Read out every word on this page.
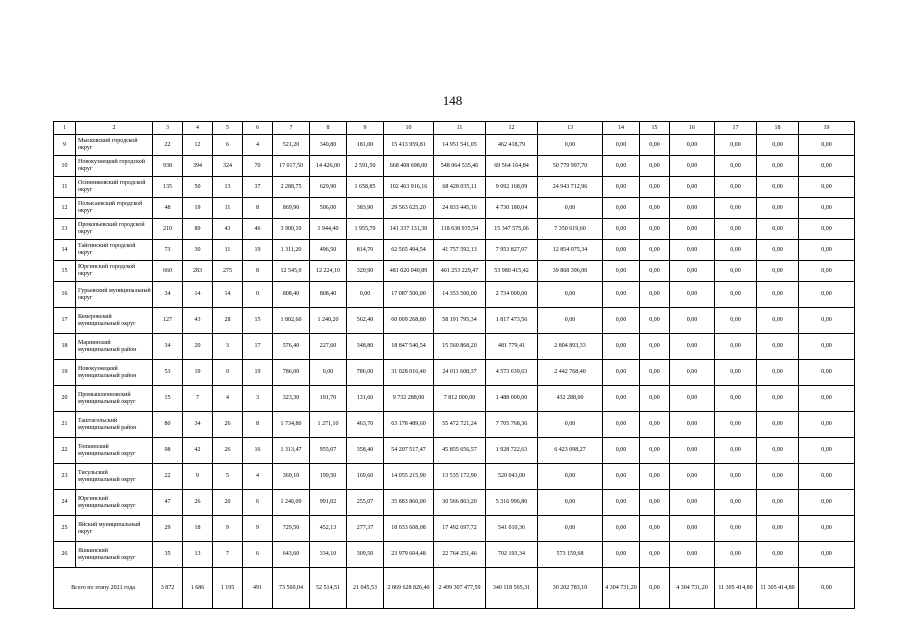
148
1	2	3	4	5	6	7	8	9	10	11	12	13	14	15	16	17	18	19
9	Мысковский городской округ	22	12	6	4	521,20	340,80	181,00	15 413 959,81	14 951 541,05	462 418,79	0,00	0,00	0,00	0,00	0,00	0,00	0,00
10	Новокузнецкий городской округ	938	394	324	70	17 017,50	14 426,00	2 591,50	668 408 698,00	548 064 535,46	69 564 164,84	50 779 997,70	0,00	0,00	0,00	0,00	0,00	0,00
11	Осинниковский городской округ	135	50	13	37	2 288,75	629,90	1 658,85	102 463 916,16	68 428 035,11	9 092 168,09	24 943 712,96	0,00	0,00	0,00	0,00	0,00	0,00
12	Полысаевский городской округ	48	19	11	8	869,90	506,00	383,90	29 563 625,20	24 833 445,16	4 730 180,04	0,00	0,00	0,00	0,00	0,00	0,00	0,00
13	Прокопьевский городской округ	210	89	43	46	3 900,10	1 944,40	1 955,70	141 337 131,30	118 638 935,54	15 347 575,06	7 350 619,60	0,00	0,00	0,00	0,00	0,00	0,00
14	Тайгинский городской округ	73	30	11	19	1 311,20	496,50	814,70	62 565 494,54	41 757 592,13	7 953 827,07	12 854 075,34	0,00	0,00	0,00	0,00	0,00	0,00
15	Юргинский городской округ	660	283	275	8	12 545,0	12 224,10	320,90	481 020 040,89	401 253 229,47	53 980 415,42	39 868 396,00	0,00	0,00	0,00	0,00	0,00	0,00
16	Гурьевский муниципальный округ	34	14	14	0	808,40	808,40	0,00	17 087 500,00	14 353 500,00	2 734 000,00	0,00	0,00	0,00	0,00	0,00	0,00	0,00
17	Кемеровский муниципальный округ	127	43	28	15	1 802,60	1 240,20	562,40	60 009 268,80	58 191 795,34	1 817 473,56	0,00	0,00	0,00	0,00	0,00	0,00	0,00
18	Мариинский муниципальный район	34	20	3	17	576,40	227,60	348,80	18 847 540,54	15 560 868,20	481 779,41	2 804 893,33	0,00	0,00	0,00	0,00	0,00	0,00
19	Новокузнецкий муниципальный район	53	19	0	19	786,00	0,00	786,00	31 028 016,40	24 011 608,37	4 573 639,63	2 442 768,40	0,00	0,00	0,00	0,00	0,00	0,00
20	Промышленновский муниципальный округ	15	7	4	3	323,30	191,70	131,60	9 732 288,00	7 812 000,00	1 488 000,00	432 288,00	0,00	0,00	0,00	0,00	0,00	0,00
21	Таштагольский муниципальный район	80	34	26	8	1 734,80	1 271,10	463,70	63 178 489,60	55 472 721,24	7 705 768,36	0,00	0,00	0,00	0,00	0,00	0,00	0,00
22	Топкинский муниципальный округ	98	42	26	16	1 313,47	955,07	358,40	54 207 517,47	45 855 656,57	1 928 722,63	6 423 098,27	0,00	0,00	0,00	0,00	0,00	0,00
23	Тисульский муниципальный округ	22	9	5	4	369,10	199,50	169,60	14 055 215,90	13 535 172,90	520 043,00	0,00	0,00	0,00	0,00	0,00	0,00	0,00
24	Юргинский муниципальный округ	47	26	20	6	1 246,09	991,02	255,07	35 883 860,00	30 566 863,20	5 316 996,80	0,00	0,00	0,00	0,00	0,00	0,00	0,00
25	Яйский муниципальный округ	29	18	9	9	729,50	452,13	277,37	18 033 608,08	17 492 697,72	541 010,36	0,00	0,00	0,00	0,00	0,00	0,00	0,00
26	Яшкинский муниципальный округ	35	13	7	6	643,60	334,10	309,50	23 979 604,48	22 764 251,46	702 193,34	573 159,68	0,00	0,00	0,00	0,00	0,00	0,00
Всего по этапу 2021 года		3 872	1 686	1 195	491	73 560,04	52 514,51	21 045,53	2 869 628 826,40	2 499 307 477,59	340 118 565,31	30 202 783,10	4 304 731,20	0,00	4 304 731,20	11 305 414,80	11 305 414,80	0,00
